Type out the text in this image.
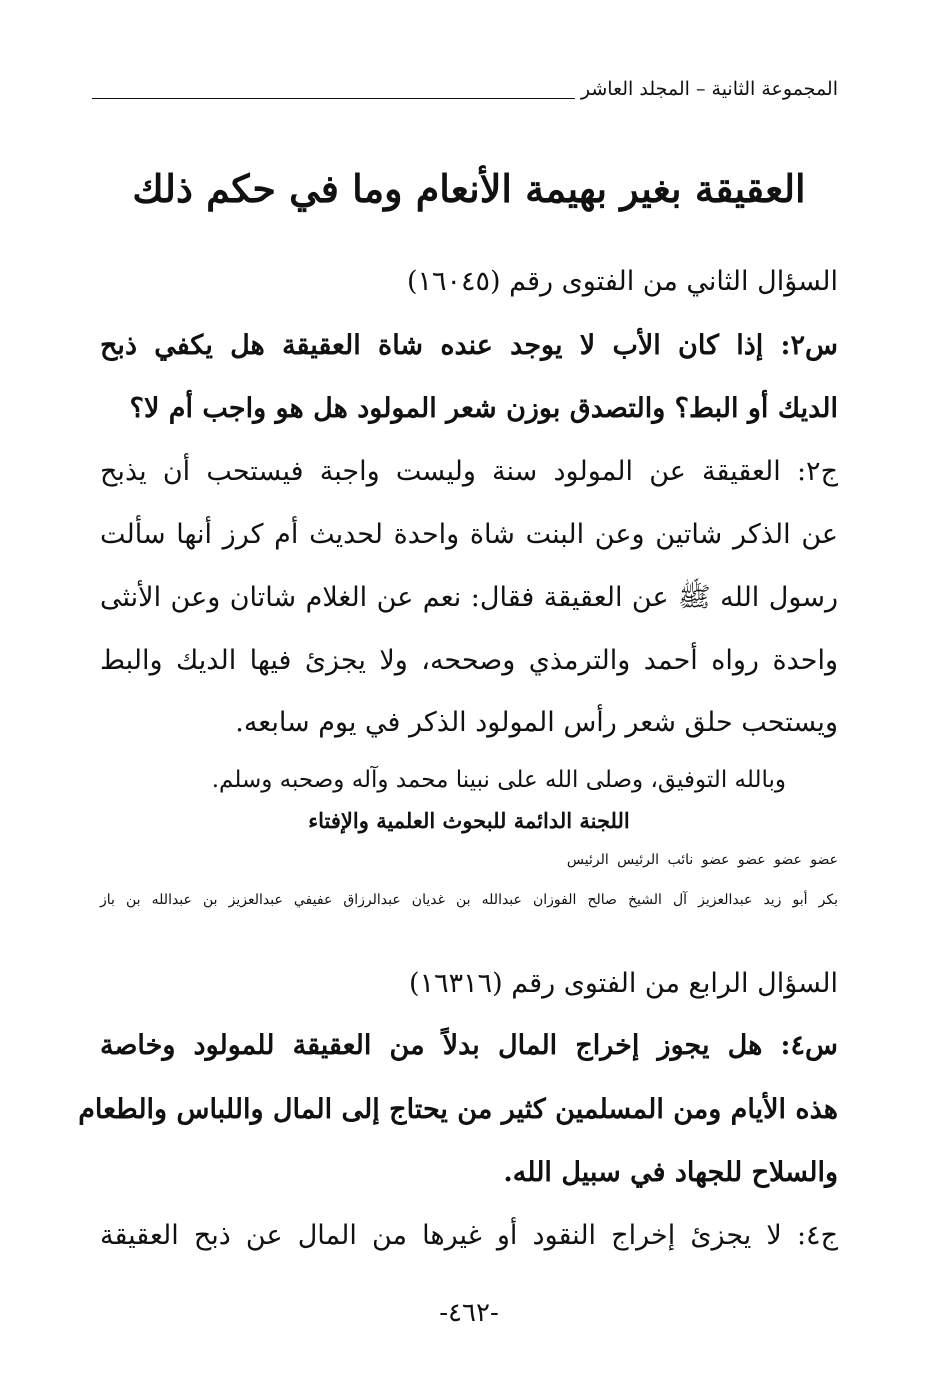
المجموعة الثانية – المجلد العاشر
العقيقة بغير بهيمة الأنعام وما في حكم ذلك

السؤال الثاني من الفتوى رقم (١٦٠٤٥)

س٢: إذا كان الأب لا يوجد عنده شاة العقيقة هل يكفي ذبح

الديك أو البط؟ والتصدق بوزن شعر المولود هل هو واجب أم لا؟

ج٢: العقيقة عن المولود سنة وليست واجبة فيستحب أن يذبح

عن الذكر شاتين وعن البنت شاة واحدة لحديث أم كرز أنها سألت

رسول الله ﷺ عن العقيقة فقال: نعم عن الغلام شاتان وعن الأنثى

واحدة رواه أحمد والترمذي وصححه، ولا يجزئ فيها الديك والبط

ويستحب حلق شعر رأس المولود الذكر في يوم سابعه.

وبالله التوفيق، وصلى الله على نبينا محمد وآله وصحبه وسلم.

اللجنة الدائمة للبحوث العلمية والإفتاء

عضو عضو عضو عضو نائب الرئيس الرئيس
بكر أبو زيد عبدالعزيز آل الشيخ صالح الفوزان عبدالله بن غديان عبدالرزاق عفيفي عبدالعزيز بن عبدالله بن باز

السؤال الرابع من الفتوى رقم (١٦٣١٦)

س٤: هل يجوز إخراج المال بدلاً من العقيقة للمولود وخاصة

هذه الأيام ومن المسلمين كثير من يحتاج إلى المال واللباس والطعام

والسلاح للجهاد في سبيل الله.

ج٤: لا يجزئ إخراج النقود أو غيرها من المال عن ذبح العقيقة

-٤٦٢-
